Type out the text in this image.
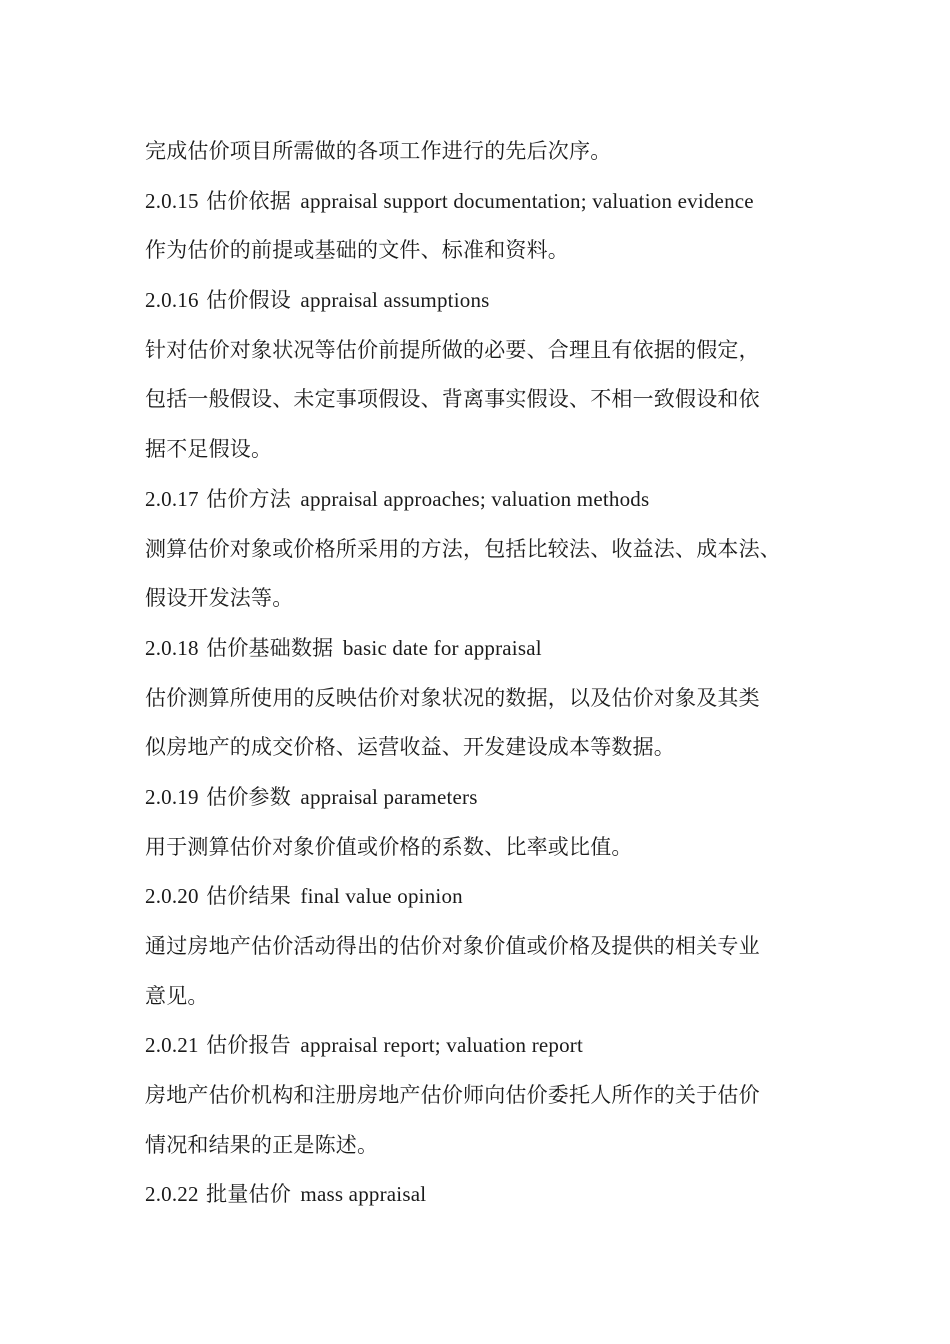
完成估价项目所需做的各项工作进行的先后次序。
2.0.15 估价依据 appraisal support documentation; valuation evidence
作为估价的前提或基础的文件、标准和资料。
2.0.16 估价假设 appraisal assumptions
针对估价对象状况等估价前提所做的必要、合理且有依据的假定，
包括一般假设、未定事项假设、背离事实假设、不相一致假设和依
据不足假设。
2.0.17 估价方法 appraisal approaches; valuation methods
测算估价对象或价格所采用的方法，包括比较法、收益法、成本法、
假设开发法等。
2.0.18 估价基础数据 basic date for appraisal
估价测算所使用的反映估价对象状况的数据，以及估价对象及其类
似房地产的成交价格、运营收益、开发建设成本等数据。
2.0.19 估价参数 appraisal parameters
用于测算估价对象价值或价格的系数、比率或比值。
2.0.20 估价结果 final value opinion
通过房地产估价活动得出的估价对象价值或价格及提供的相关专业
意见。
2.0.21 估价报告 appraisal report; valuation report
房地产估价机构和注册房地产估价师向估价委托人所作的关于估价
情况和结果的正是陈述。
2.0.22 批量估价 mass appraisal
